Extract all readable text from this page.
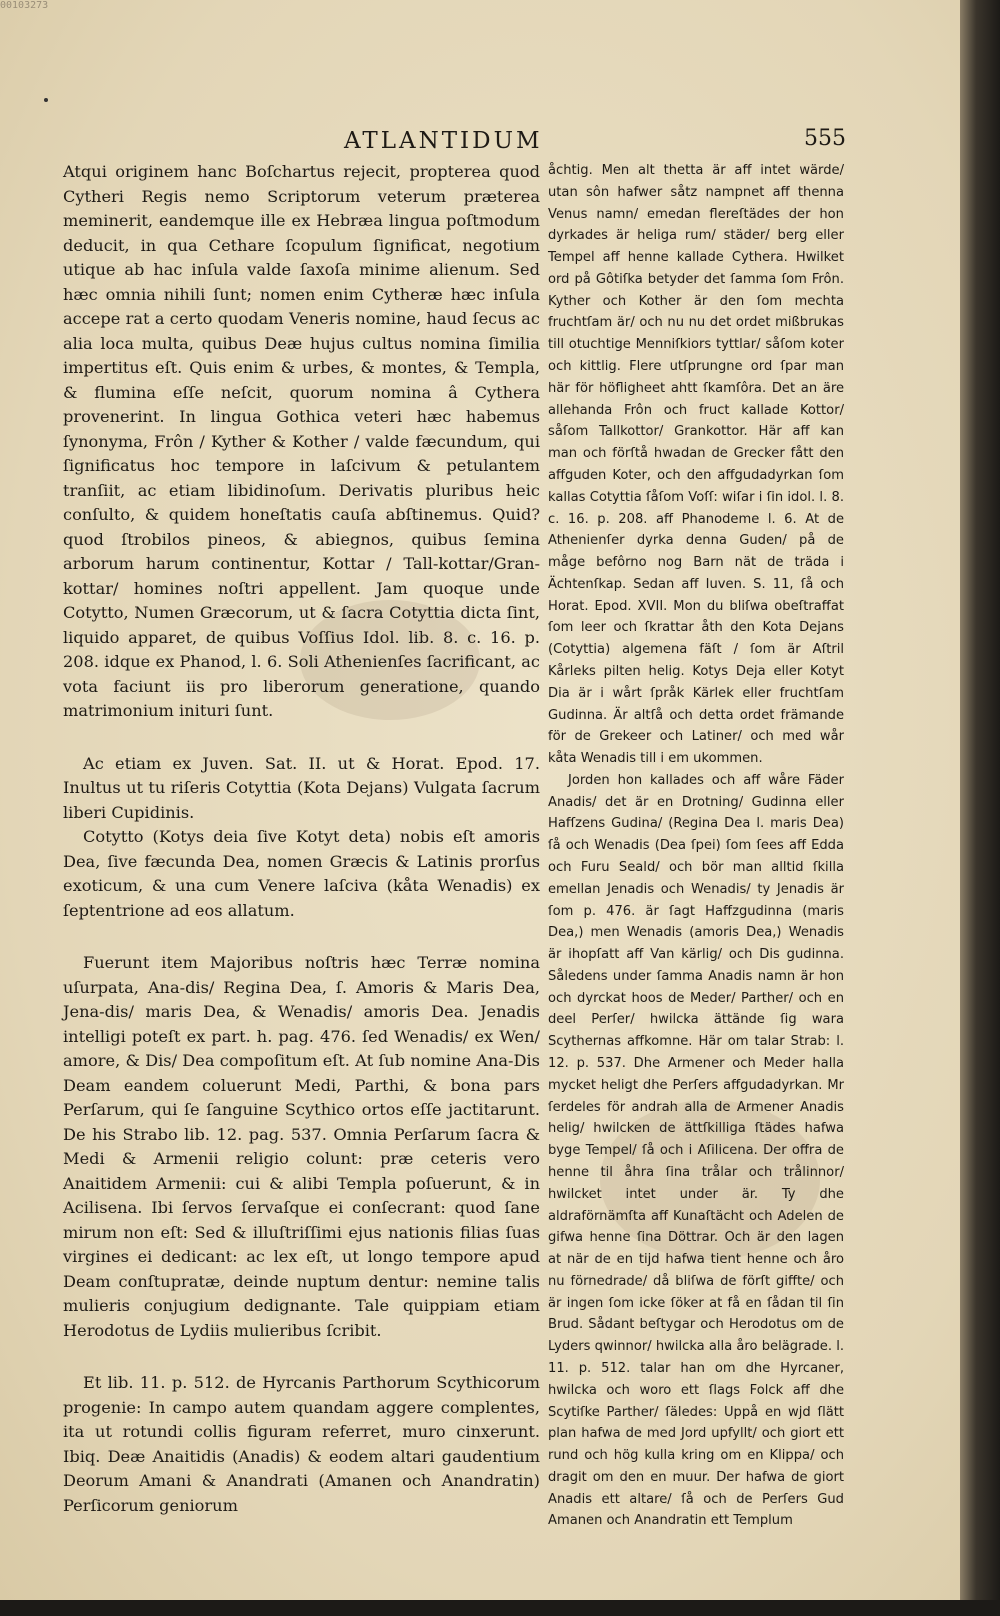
00103273
ATLANTIDUM	555

Atqui originem hanc Boſchartus rejecit, propterea quod Cytheri Regis nemo Scriptorum veterum præterea meminerit, eandemque ille ex Hebræa lingua poſtmodum deducit, in qua Cethare ſcopulum ſignificat, negotium utique ab hac inſula valde ſaxoſa minime alienum. Sed hæc omnia nihili ſunt; nomen enim Cytheræ hæc inſula accepe rat a certo quodam Veneris nomine, haud ſecus ac alia loca multa, quibus Deæ hujus cultus nomina ſimilia impertitus eſt. Quis enim & urbes, & montes, & Templa, & flumina eſſe neſcit, quorum nomina â Cythera provenerint. In lingua Gothica veteri hæc habemus ſynonyma, Frôn / Kyther & Kother / valde fæcundum, qui ſignificatus hoc tempore in laſcivum & petulantem tranſiit, ac etiam libidinoſum. Derivatis pluribus heic conſulto, & quidem honeſtatis cauſa abſtinemus. Quid? quod ſtrobilos pineos, & abiegnos, quibus ſemina arborum harum continentur, Kottar / Tall-kottar/Gran-kottar/ homines noſtri appellent. Jam quoque unde Cotytto, Numen Græcorum, ut & ſacra Cotyttia dicta ſint, liquido apparet, de quibus Voſſius Idol. lib. 8. c. 16. p. 208. idque ex Phanod, l. 6. Soli Athenienſes ſacrificant, ac vota faciunt iis pro liberorum generatione, quando matrimonium inituri ſunt.

Ac etiam ex Juven. Sat. II. ut & Horat. Epod. 17. Inultus ut tu riſeris Cotyttia (Kota Dejans) Vulgata ſacrum liberi Cupidinis.

Cotytto (Kotys deia ſive Kotyt deta) nobis eſt amoris Dea, ſive fæcunda Dea, nomen Græcis & Latinis prorſus exoticum, & una cum Venere laſciva (kåta Wenadis) ex ſeptentrione ad eos allatum.

Fuerunt item Majoribus noſtris hæc Terræ nomina uſurpata, Ana-dis/ Regina Dea, ſ. Amoris & Maris Dea, Jena-dis/ maris Dea, & Wenadis/ amoris Dea. Jenadis intelligi poteſt ex part. h. pag. 476. ſed Wenadis/ ex Wen/ amore, & Dis/ Dea compoſitum eſt. At ſub nomine Ana-Dis Deam eandem coluerunt Medi, Parthi, & bona pars Perſarum, qui ſe ſanguine Scythico ortos eſſe jactitarunt. De his Strabo lib. 12. pag. 537. Omnia Perſarum ſacra & Medi & Armenii religio colunt: præ ceteris vero Anaitidem Armenii: cui & alibi Templa poſuerunt, & in Acilisena. Ibi ſervos ſervaſque ei conſecrant: quod ſane mirum non eſt: Sed & illuſtriſſimi ejus nationis filias ſuas virgines ei dedicant: ac lex eſt, ut longo tempore apud Deam conſtupratæ, deinde nuptum dentur: nemine talis mulieris conjugium dedignante. Tale quippiam etiam Herodotus de Lydiis mulieribus ſcribit.

Et lib. 11. p. 512. de Hyrcanis Parthorum Scythicorum progenie: In campo autem quandam aggere complentes, ita ut rotundi collis figuram referret, muro cinxerunt. Ibiq. Deæ Anaitidis (Anadis) & eodem altari gaudentium Deorum Amani & Anandrati (Amanen och Anandratin) Perſicorum geniorum

åchtig. Men alt thetta är aff intet wärde/ utan sôn hafwer såtz nampnet aff thenna Venus namn/ emedan flereſtädes der hon dyrkades är heliga rum/ städer/ berg eller Tempel aff henne kallade Cythera. Hwilket ord på Gôtiſka betyder det ſamma ſom Frôn. Kyther och Kother är den ſom mechta fruchtſam är/ och nu nu det ordet mißbrukas till otuchtige Menniſkiors tyttlar/ såſom koter och kittlig. Flere utſprungne ord ſpar man här för höfligheet ahtt ſkamſôra. Det an äre allehanda Frôn och fruct kallade Kottor/ såſom Tallkottor/ Grankottor. Här aff kan man och förſtå hwadan de Grecker fått den affguden Koter, och den affgudadyrkan ſom kallas Cotyttia ſåſom Voſſ: wiſar i ſin idol. l. 8. c. 16. p. 208. aff Phanodeme l. 6. At de Athenienſer dyrka denna Guden/ på de måge befôrno nog Barn nät de träda i Ächtenſkap. Sedan aff Iuven. S. 11, ſå och Horat. Epod. XVII. Mon du bliſwa obeſtraffat ſom leer och ſkrattar åth den Kota Dejans (Cotyttia) algemena fäſt / ſom är Aſtril Kårleks pilten helig. Kotys Deja eller Kotyt Dia är i wårt ſpråk Kärlek eller fruchtſam Gudinna. Är altſå och detta ordet främande för de Grekeer och Latiner/ och med wår kåta Wenadis till i em ukommen.

Jorden hon kallades och aff wåre Fäder Anadis/ det är en Drotning/ Gudinna eller Hafſzens Gudina/ (Regina Dea l. maris Dea) ſå och Wenadis (Dea ſpei) ſom ſees aff Edda och Furu Seald/ och bör man alltid ſkilla emellan Jenadis och Wenadis/ ty Jenadis är ſom p. 476. är ſagt Haffzgudinna (maris Dea,) men Wenadis (amoris Dea,) Wenadis är ihopſatt aff Van kärlig/ och Dis gudinna. Såledens under ſamma Anadis namn är hon och dyrckat hoos de Meder/ Parther/ och en deel Perſer/ hwilcka ättände ſig wara Scythernas affkomne. Här om talar Strab: l. 12. p. 537. Dhe Armener och Meder halla mycket heligt dhe Perſers affgudadyrkan. Mr ſerdeles för andrah alla de Armener Anadis helig/ hwilcken de ättſkilliga ſtädes hafwa byge Tempel/ ſå och i Aſilicena. Der offra de henne til åhra ſina trålar och trålinnor/ hwilcket intet under är. Ty dhe aldraförnämſta aff Kunaſtächt och Adelen de gifwa henne ſina Döttrar. Och är den lagen at när de en tijd hafwa tient henne och åro nu förnedrade/ då bliſwa de förſt giffte/ och är ingen ſom icke ſöker at få en ſådan til ſin Brud. Sådant beſtygar och Herodotus om de Lyders qwinnor/ hwilcka alla åro belägrade. l. 11. p. 512. talar han om dhe Hyrcaner, hwilcka och woro ett ſlags Folck aff dhe Scytiſke Parther/ ſäledes: Uppå en wjd ſlätt plan hafwa de med Jord upfyllt/ och giort ett rund och hög kulla kring om en Klippa/ och dragit om den en muur. Der hafwa de giort Anadis ett altare/ ſå och de Perſers Gud Amanen och Anandratin ett Templum
